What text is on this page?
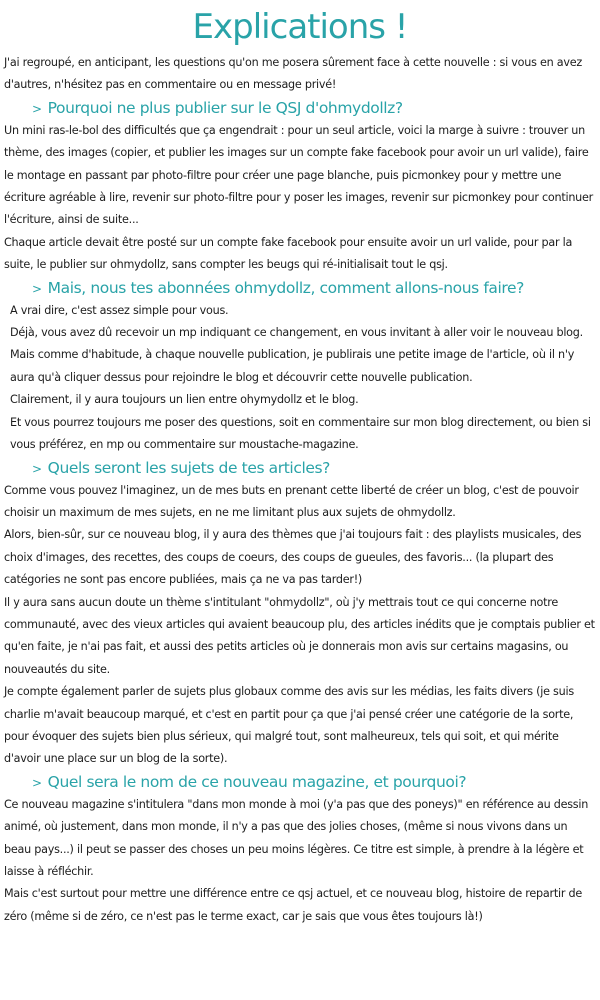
Explications !

J'ai regroupé, en anticipant, les questions qu'on me posera sûrement face à cette nouvelle : si vous en avez d'autres, n'hésitez pas en commentaire ou en message privé!

> Pourquoi ne plus publier sur le QSJ d'ohmydollz?

Un mini ras-le-bol des difficultés que ça engendrait : pour un seul article, voici la marge à suivre : trouver un thème, des images (copier, et publier les images sur un compte fake facebook pour avoir un url valide), faire le montage en passant par photo-filtre pour créer une page blanche, puis picmonkey pour y mettre une écriture agréable à lire, revenir sur photo-filtre pour y poser les images, revenir sur picmonkey pour continuer l'écriture, ainsi de suite...

Chaque article devait être posté sur un compte fake facebook pour ensuite avoir un url valide, pour par la suite, le publier sur ohmydollz, sans compter les beugs qui ré-initialisait tout le qsj.

> Mais, nous tes abonnées ohmydollz, comment allons-nous faire?

A vrai dire, c'est assez simple pour vous.

Déjà, vous avez dû recevoir un mp indiquant ce changement, en vous invitant à aller voir le nouveau blog.

Mais comme d'habitude, à chaque nouvelle publication, je publirais une petite image de l'article, où il n'y aura qu'à cliquer dessus pour rejoindre le blog et découvrir cette nouvelle publication.

Clairement, il y aura toujours un lien entre ohymydollz et le blog.

Et vous pourrez toujours me poser des questions, soit en commentaire sur mon blog directement, ou bien si vous préférez, en mp ou commentaire sur moustache-magazine.

> Quels seront les sujets de tes articles?

Comme vous pouvez l'imaginez, un de mes buts en prenant cette liberté de créer un blog, c'est de pouvoir choisir un maximum de mes sujets, en ne me limitant plus aux sujets de ohmydollz.

Alors, bien-sûr, sur ce nouveau blog, il y aura des thèmes que j'ai toujours fait : des playlists musicales, des choix d'images, des recettes, des coups de coeurs, des coups de gueules, des favoris... (la plupart des catégories ne sont pas encore publiées, mais ça ne va pas tarder!)

Il y aura sans aucun doute un thème s'intitulant "ohmydollz", où j'y mettrais tout ce qui concerne notre communauté, avec des vieux articles qui avaient beaucoup plu, des articles inédits que je comptais publier et qu'en faite, je n'ai pas fait, et aussi des petits articles où je donnerais mon avis sur certains magasins, ou nouveautés du site.

Je compte également parler de sujets plus globaux comme des avis sur les médias, les faits divers (je suis charlie m'avait beaucoup marqué, et c'est en partit pour ça que j'ai pensé créer une catégorie de la sorte, pour évoquer des sujets bien plus sérieux, qui malgré tout, sont malheureux, tels qui soit, et qui mérite d'avoir une place sur un blog de la sorte).

> Quel sera le nom de ce nouveau magazine, et pourquoi?

Ce nouveau magazine s'intitulera "dans mon monde à moi (y'a pas que des poneys)" en référence au dessin animé, où justement, dans mon monde, il n'y a pas que des jolies choses, (même si nous vivons dans un beau pays...) il peut se passer des choses un peu moins légères. Ce titre est simple, à prendre à la légère et laisse à réfléchir.

Mais c'est surtout pour mettre une différence entre ce qsj actuel, et ce nouveau blog, histoire de repartir de zéro (même si de zéro, ce n'est pas le terme exact, car je sais que vous êtes toujours là!)
